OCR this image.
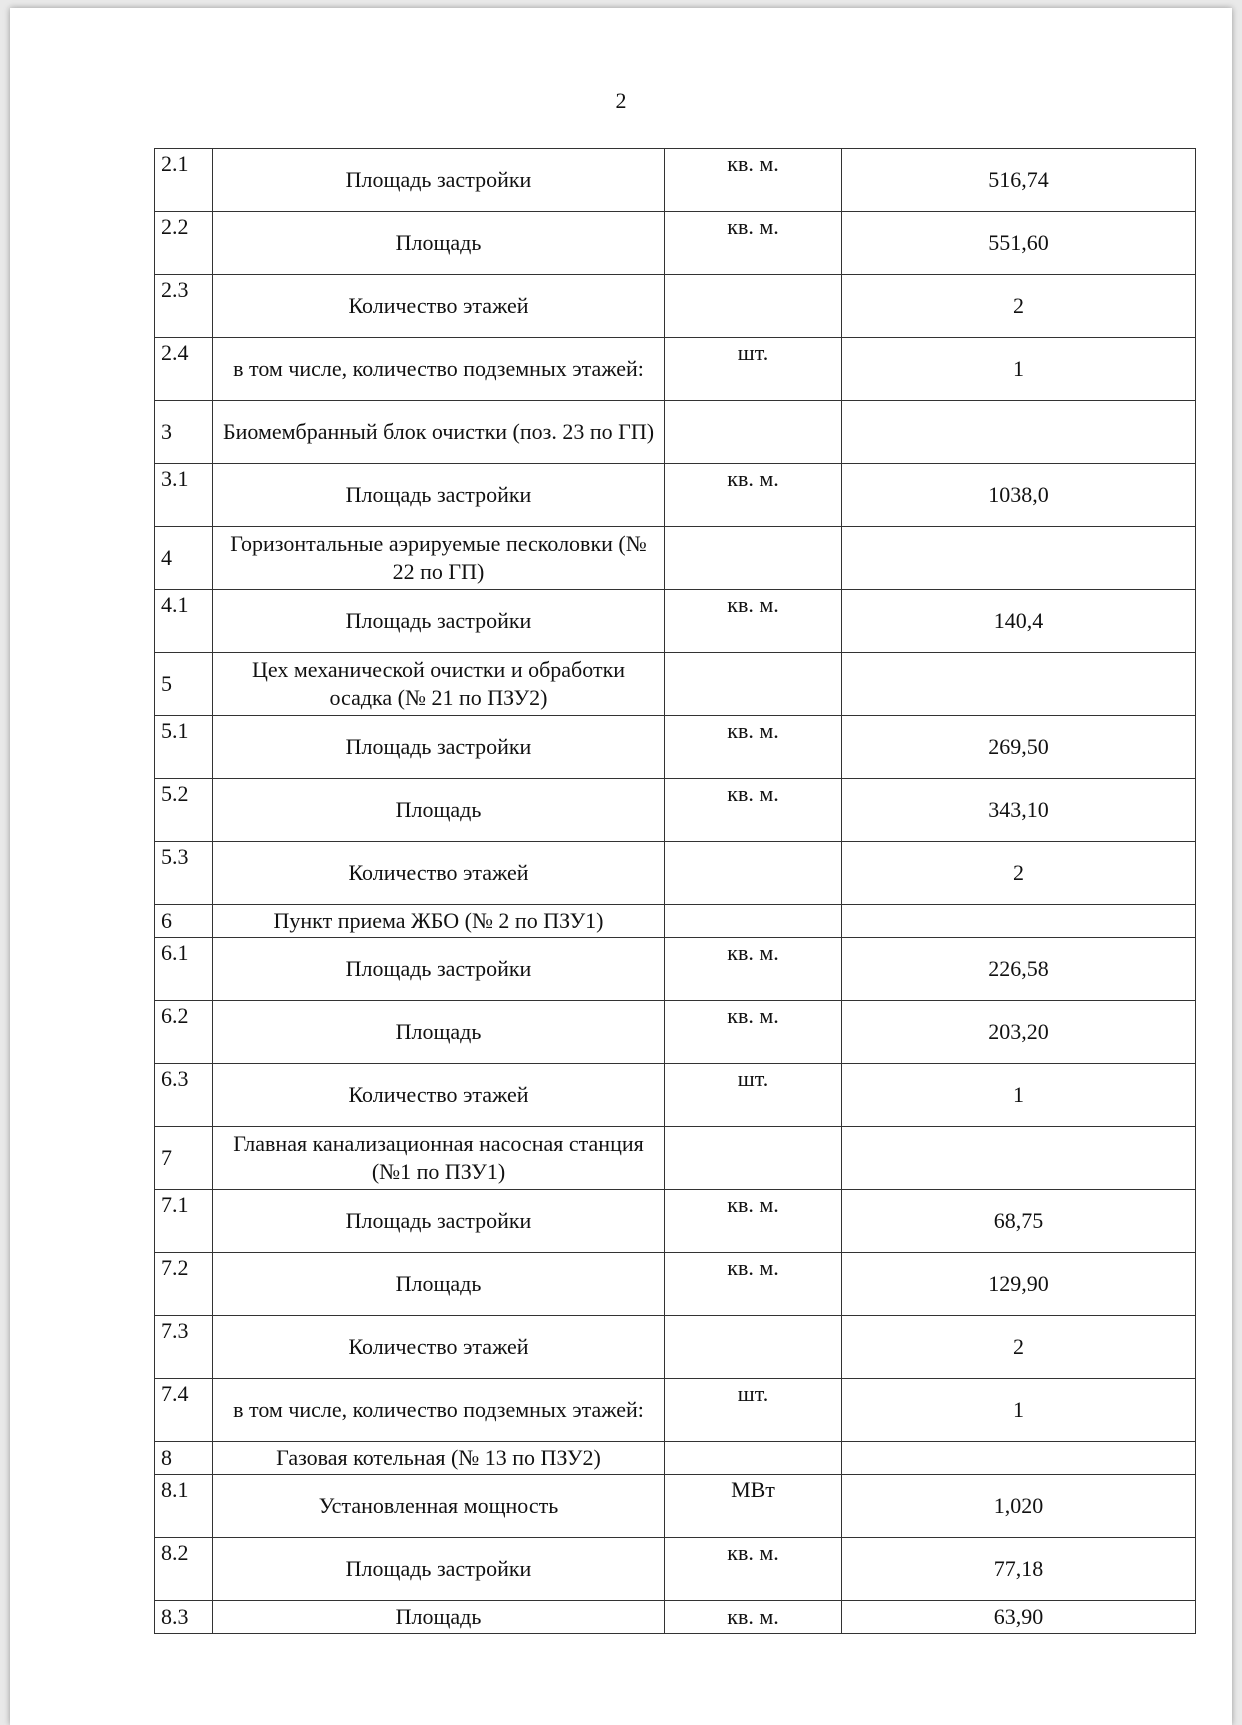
2
2.1	Площадь застройки	кв. м.	516,74
2.2	Площадь	кв. м.	551,60
2.3	Количество этажей		2
2.4	в том числе, количество подземных этажей:	шт.	1
3	Биомембранный блок очистки (поз. 23 по ГП)		
3.1	Площадь застройки	кв. м.	1038,0
4	Горизонтальные аэрируемые песколовки (№ 22 по ГП)		
4.1	Площадь застройки	кв. м.	140,4
5	Цех механической очистки и обработки осадка (№ 21 по ПЗУ2)		
5.1	Площадь застройки	кв. м.	269,50
5.2	Площадь	кв. м.	343,10
5.3	Количество этажей		2
6	Пункт приема ЖБО (№ 2 по ПЗУ1)		
6.1	Площадь застройки	кв. м.	226,58
6.2	Площадь	кв. м.	203,20
6.3	Количество этажей	шт.	1
7	Главная канализационная насосная станция (№1 по ПЗУ1)		
7.1	Площадь застройки	кв. м.	68,75
7.2	Площадь	кв. м.	129,90
7.3	Количество этажей		2
7.4	в том числе, количество подземных этажей:	шт.	1
8	Газовая котельная (№ 13 по ПЗУ2)		
8.1	Установленная мощность	МВт	1,020
8.2	Площадь застройки	кв. м.	77,18
8.3	Площадь	кв. м.	63,90
